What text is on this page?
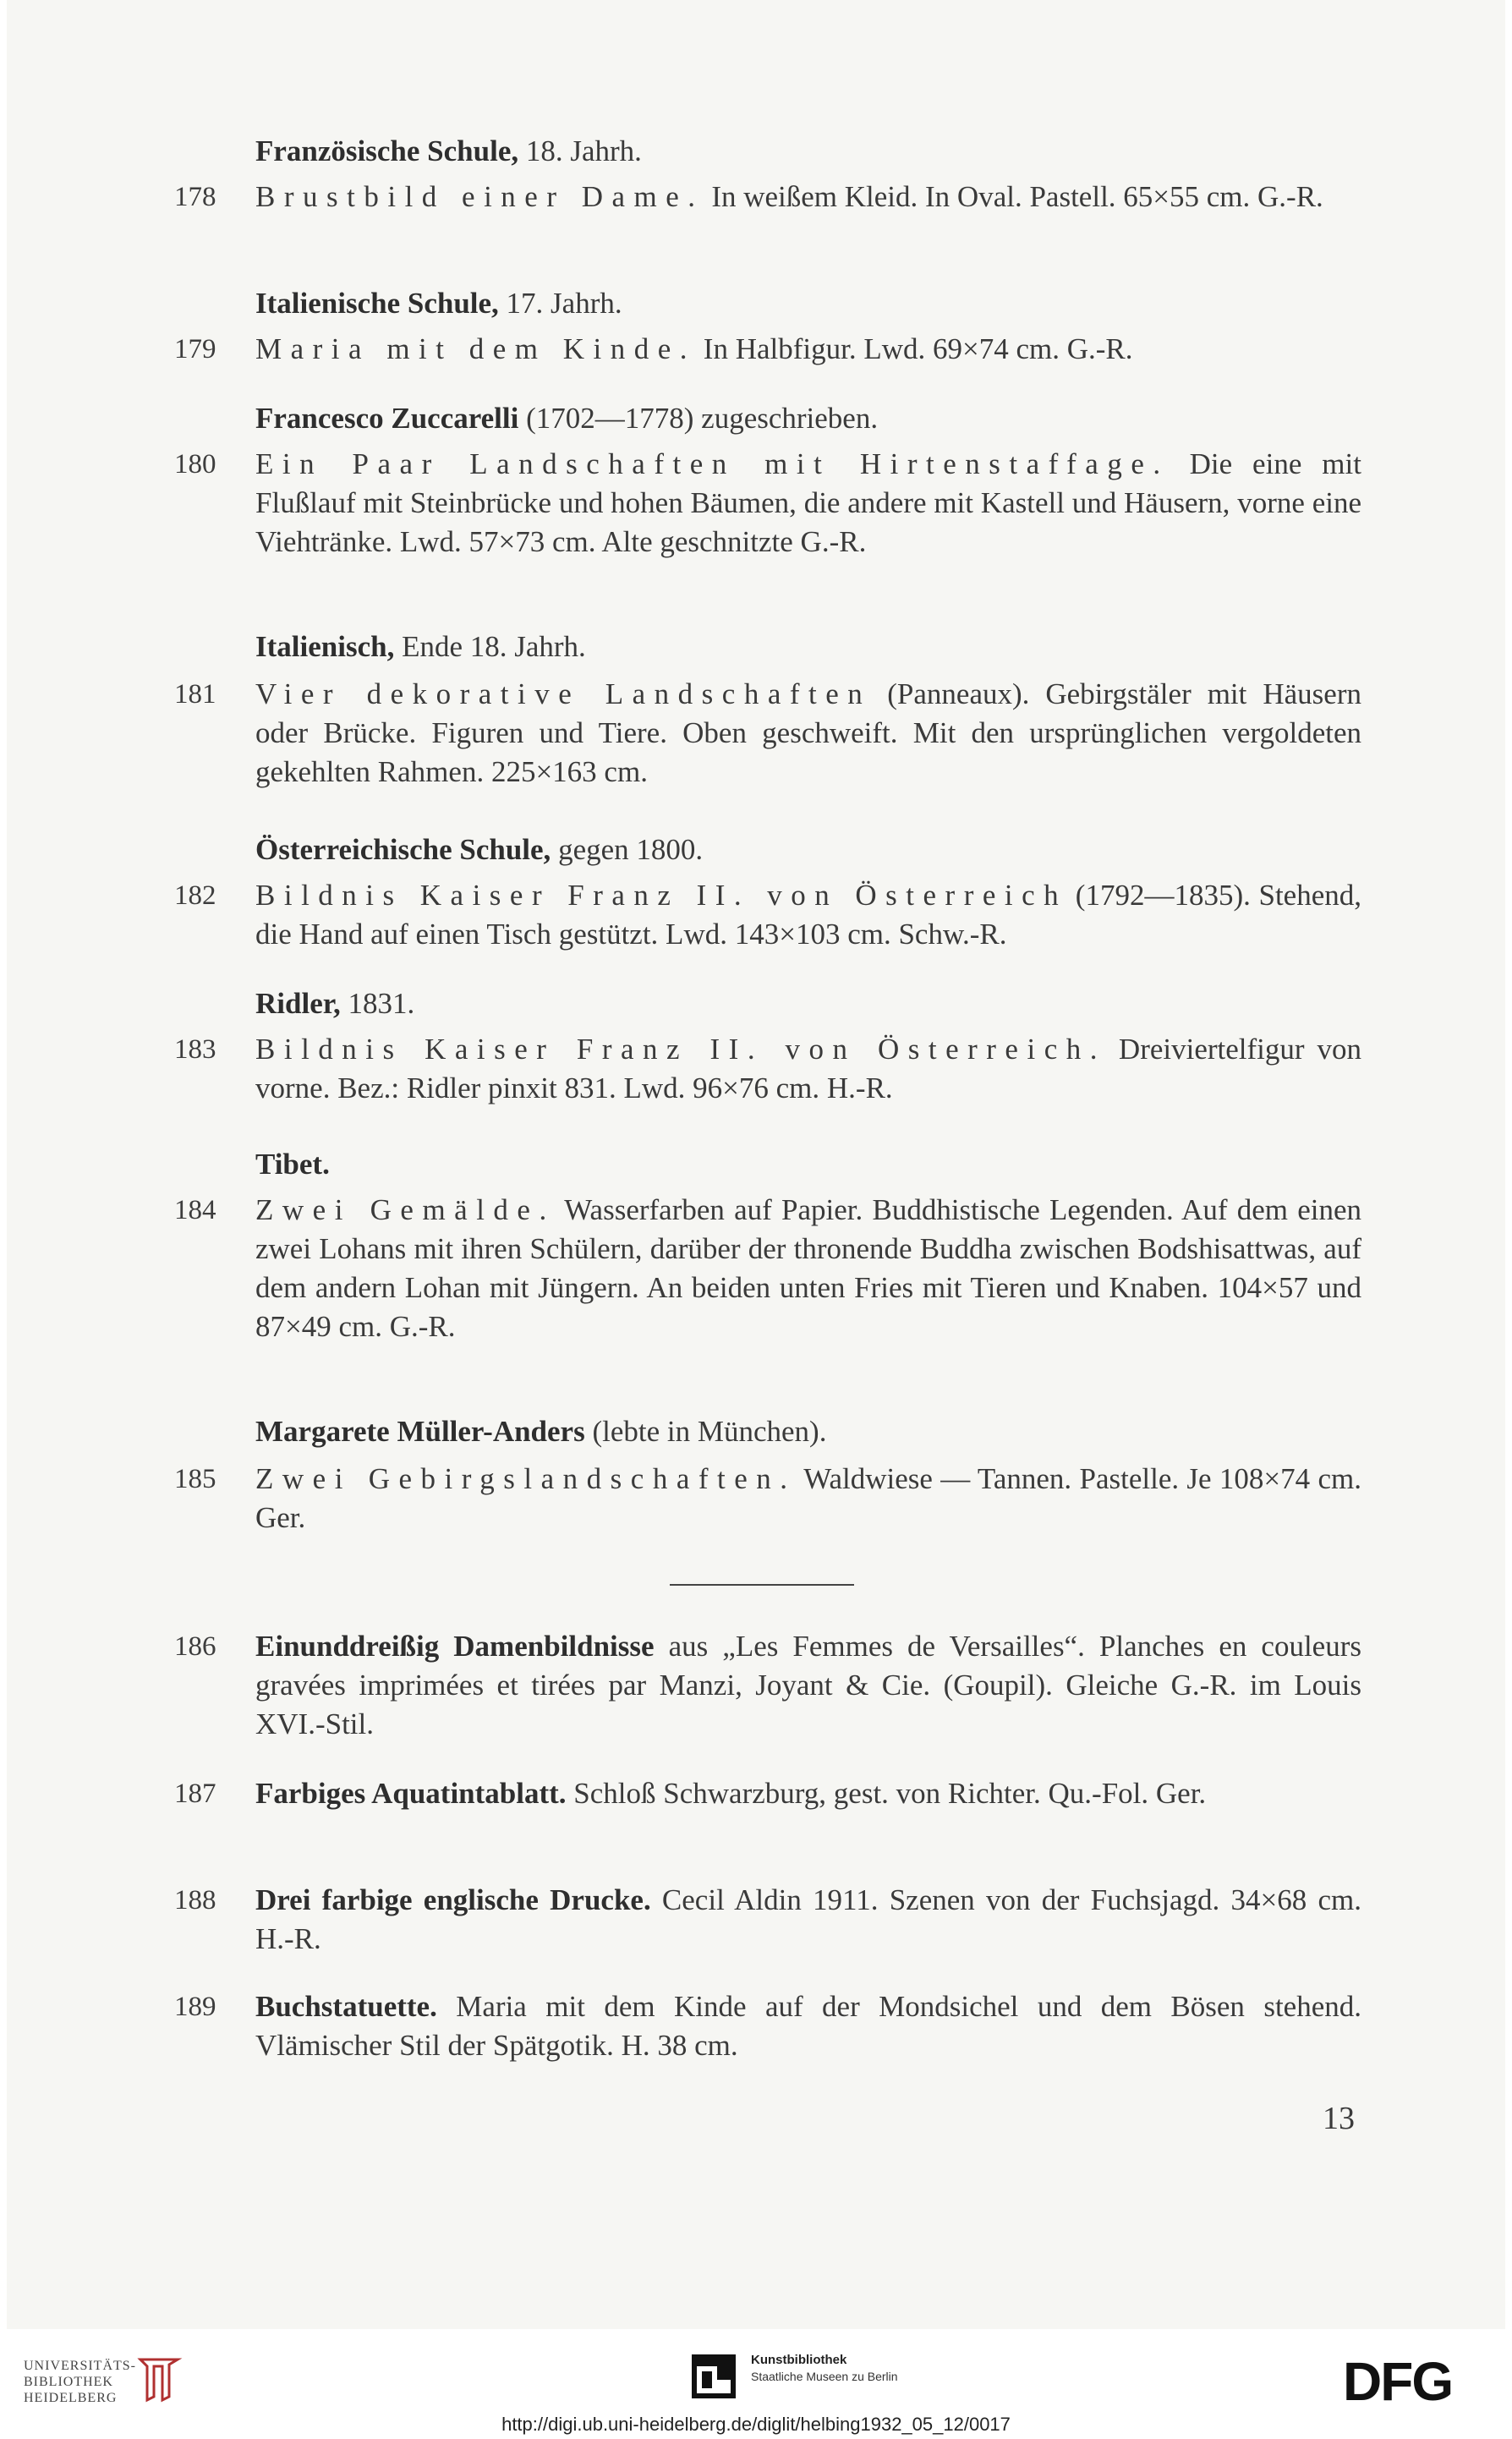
Französische Schule, 18. Jahrh.
178	Brustbild einer Dame. In weißem Kleid. In Oval. Pastell. 65×55 cm. G.-R.
Italienische Schule, 17. Jahrh.
179	Maria mit dem Kinde. In Halbfigur. Lwd. 69×74 cm. G.-R.
Francesco Zuccarelli (1702—1778) zugeschrieben.
180	Ein Paar Landschaften mit Hirtenstaffage. Die eine mit Flußlauf mit Steinbrücke und hohen Bäumen, die andere mit Kastell und Häusern, vorne eine Viehtränke. Lwd. 57×73 cm. Alte geschnitzte G.-R.
Italienisch, Ende 18. Jahrh.
181	Vier dekorative Landschaften (Panneaux). Gebirgstäler mit Häusern oder Brücke. Figuren und Tiere. Oben geschweift. Mit den ursprünglichen vergoldeten gekehlten Rahmen. 225×163 cm.
Österreichische Schule, gegen 1800.
182	Bildnis Kaiser Franz II. von Österreich (1792—1835). Stehend, die Hand auf einen Tisch gestützt. Lwd. 143×103 cm. Schw.-R.
Ridler, 1831.
183	Bildnis Kaiser Franz II. von Österreich. Dreiviertelfigur von vorne. Bez.: Ridler pinxit 831. Lwd. 96×76 cm. H.-R.
Tibet.
184	Zwei Gemälde. Wasserfarben auf Papier. Buddhistische Legenden. Auf dem einen zwei Lohans mit ihren Schülern, darüber der thronende Buddha zwischen Bodshisattwas, auf dem andern Lohan mit Jüngern. An beiden unten Fries mit Tieren und Knaben. 104×57 und 87×49 cm. G.-R.
Margarete Müller-Anders (lebte in München).
185	Zwei Gebirgslandschaften. Waldwiese — Tannen. Pastelle. Je 108×74 cm. Ger.
186	Einunddreißig Damenbildnisse aus „Les Femmes de Versailles“. Planches en couleurs gravées imprimées et tirées par Manzi, Joyant & Cie. (Goupil). Gleiche G.-R. im Louis XVI.-Stil.
187	Farbiges Aquatintablatt. Schloß Schwarzburg, gest. von Richter. Qu.-Fol. Ger.
188	Drei farbige englische Drucke. Cecil Aldin 1911. Szenen von der Fuchsjagd. 34×68 cm. H.-R.
189	Buchstatuette. Maria mit dem Kinde auf der Mondsichel und dem Bösen stehend. Vlämischer Stil der Spätgotik. H. 38 cm.
13
UNIVERSITÄTS-
BIBLIOTHEK
HEIDELBERG
Kunstbibliothek
Staatliche Museen zu Berlin	DFG
http://digi.ub.uni-heidelberg.de/diglit/helbing1932_05_12/0017
